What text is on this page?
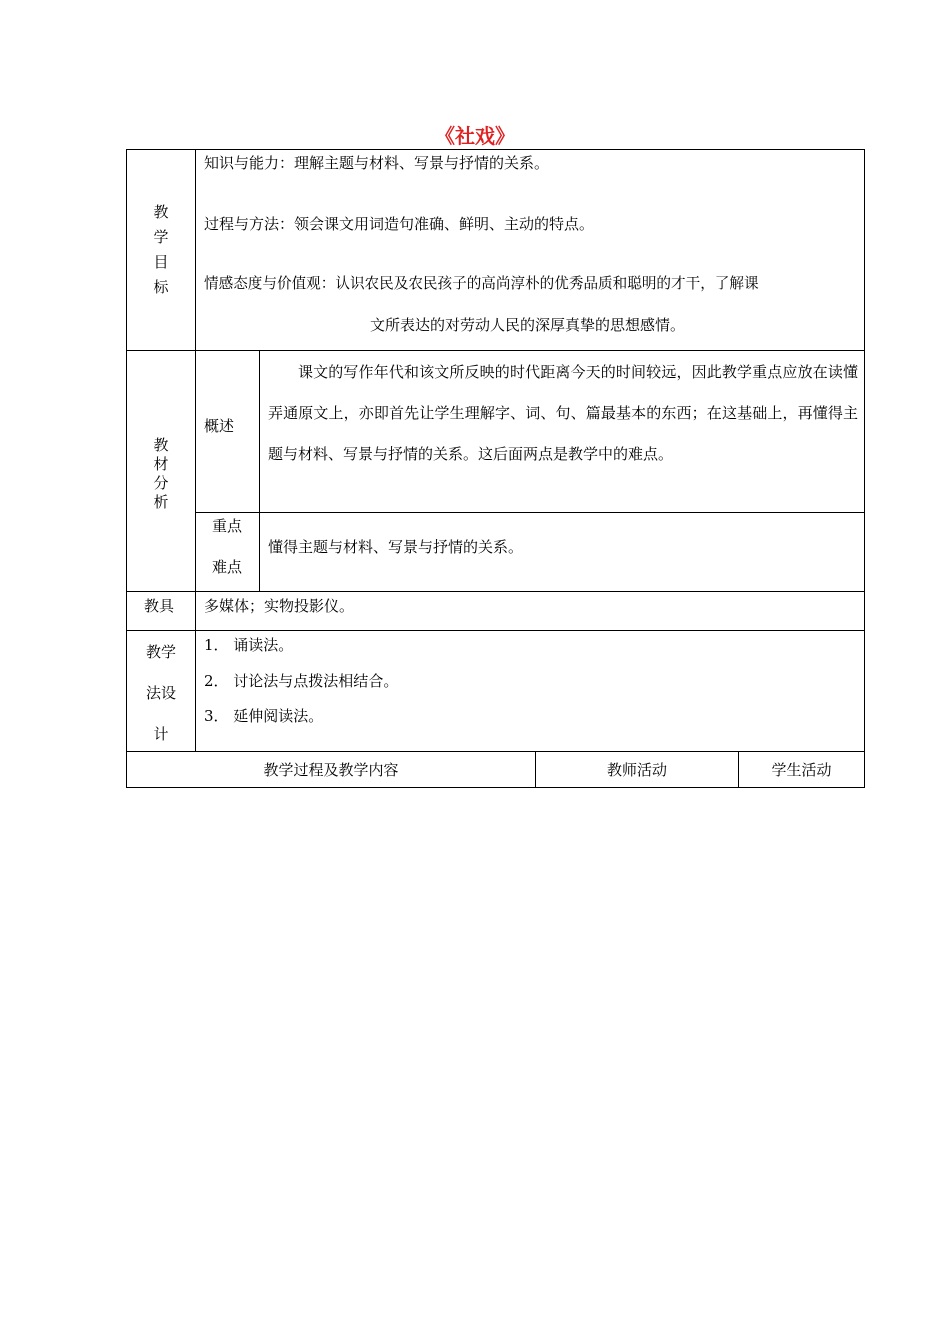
《社戏》
教
学
目
标
知识与能力：理解主题与材料、写景与抒情的关系。
过程与方法：领会课文用词造句准确、鲜明、主动的特点。
情感态度与价值观：认识农民及农民孩子的高尚淳朴的优秀品质和聪明的才干，了解课
文所表达的对劳动人民的深厚真挚的思想感情。
教
材
分
析
概述
课文的写作年代和该文所反映的时代距离今天的时间较远，因此教学重点应放在读懂弄通原文上，亦即首先让学生理解字、词、句、篇最基本的东西；在这基础上，再懂得主题与材料、写景与抒情的关系。这后面两点是教学中的难点。
重点
难点
懂得主题与材料、写景与抒情的关系。
教具 多媒体；实物投影仪。
教学
法设
计
1． 诵读法。
2． 讨论法与点拨法相结合。
3． 延伸阅读法。
教学过程及教学内容	教师活动	学生活动
